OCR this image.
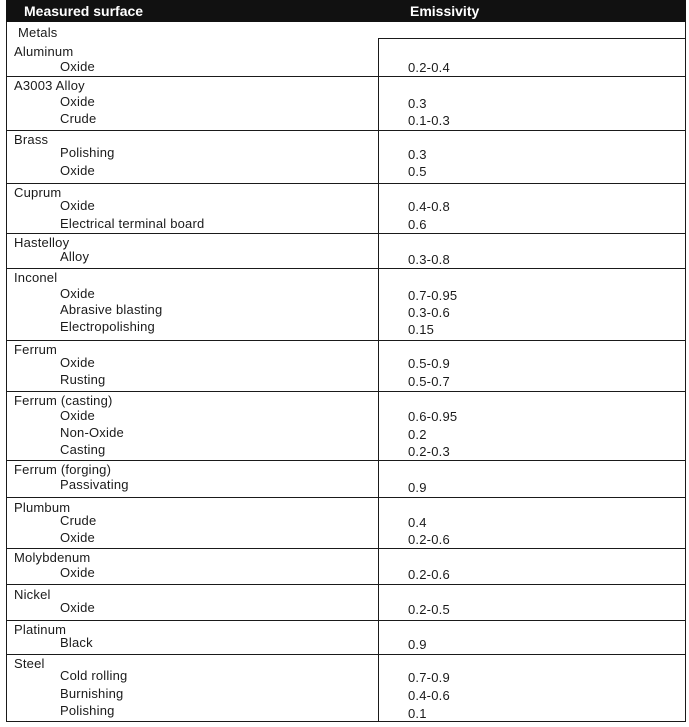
Measured surface	Emissivity
Metals
Aluminum
Oxide	0.2-0.4
A3003 Alloy
Oxide	0.3
Crude	0.1-0.3
Brass
Polishing	0.3
Oxide	0.5
Cuprum
Oxide	0.4-0.8
Electrical terminal board	0.6
Hastelloy
Alloy	0.3-0.8
Inconel
Oxide	0.7-0.95
Abrasive blasting	0.3-0.6
Electropolishing	0.15
Ferrum
Oxide	0.5-0.9
Rusting	0.5-0.7
Ferrum (casting)
Oxide	0.6-0.95
Non-Oxide	0.2
Casting	0.2-0.3
Ferrum (forging)
Passivating	0.9
Plumbum
Crude	0.4
Oxide	0.2-0.6
Molybdenum
Oxide	0.2-0.6
Nickel
Oxide	0.2-0.5
Platinum
Black	0.9
Steel
Cold rolling	0.7-0.9
Burnishing	0.4-0.6
Polishing	0.1
